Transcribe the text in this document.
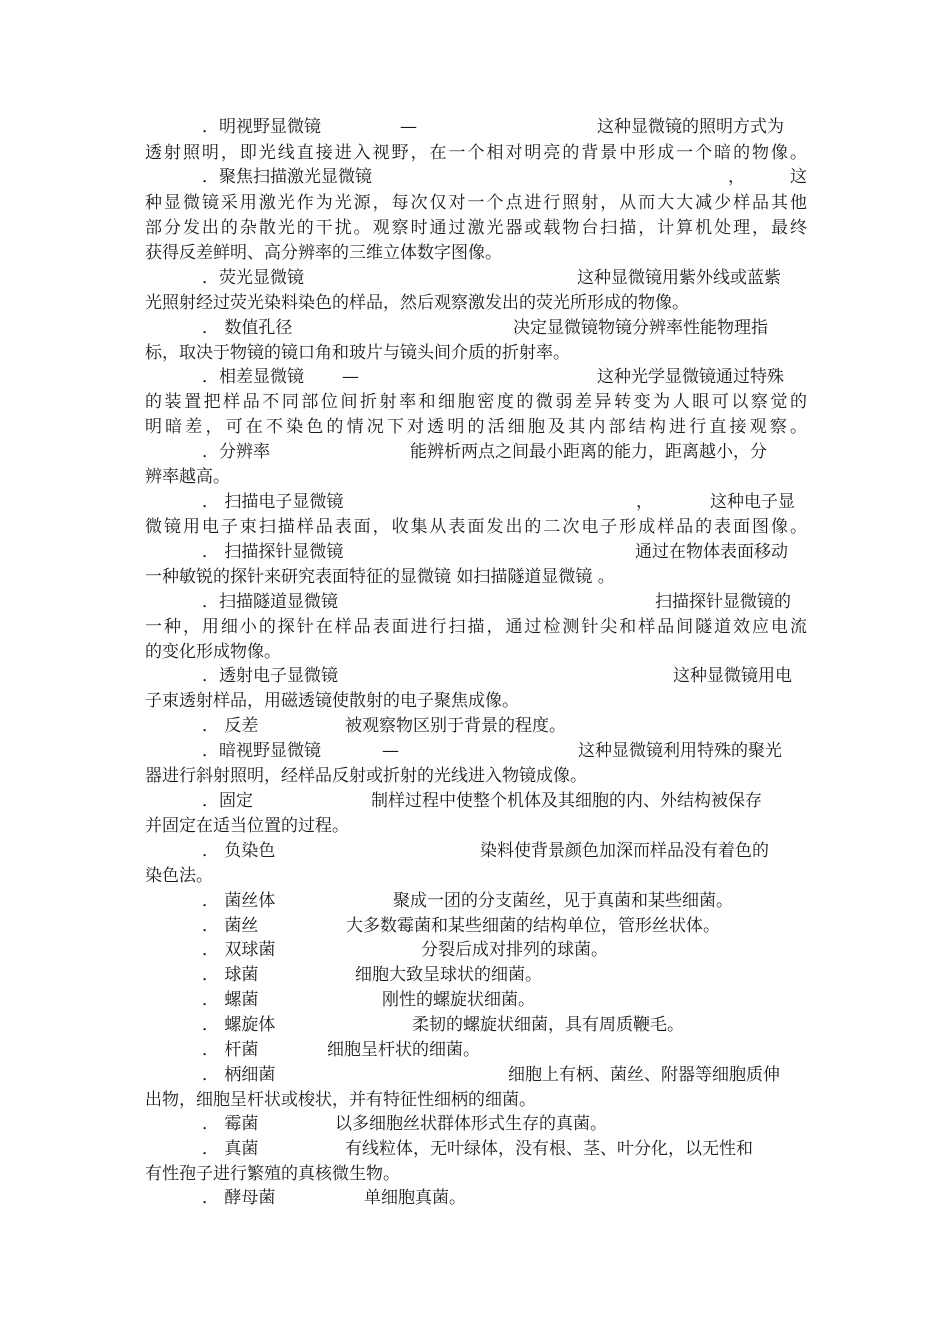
．明视野显微镜	—	这种显微镜的照明方式为
透射照明，即光线直接进入视野，在一个相对明亮的背景中形成一个暗的物像。
．聚焦扫描激光显微镜	，	这
种显微镜采用激光作为光源，每次仅对一个点进行照射，从而大大减少样品其他
部分发出的杂散光的干扰。观察时通过激光器或载物台扫描，计算机处理，最终
获得反差鲜明、高分辨率的三维立体数字图像。
．荧光显微镜	这种显微镜用紫外线或蓝紫
光照射经过荧光染料染色的样品，然后观察激发出的荧光所形成的物像。
． 数值孔径	决定显微镜物镜分辨率性能物理指
标，取决于物镜的镜口角和玻片与镜头间介质的折射率。
．相差显微镜 —	这种光学显微镜通过特殊
的装置把样品不同部位间折射率和细胞密度的微弱差异转变为人眼可以察觉的
明暗差，可在不染色的情况下对透明的活细胞及其内部结构进行直接观察。
．分辨率	能辨析两点之间最小距离的能力，距离越小，分
辨率越高。
． 扫描电子显微镜	，	这种电子显
微镜用电子束扫描样品表面，收集从表面发出的二次电子形成样品的表面图像。
． 扫描探针显微镜	通过在物体表面移动
一种敏锐的探针来研究表面特征的显微镜 如扫描隧道显微镜 。
．扫描隧道显微镜	扫描探针显微镜的
一种，用细小的探针在样品表面进行扫描，通过检测针尖和样品间隧道效应电流
的变化形成物像。
．透射电子显微镜	这种显微镜用电
子束透射样品，用磁透镜使散射的电子聚焦成像。
． 反差	被观察物区别于背景的程度。
．暗视野显微镜	—	这种显微镜利用特殊的聚光
器进行斜射照明，经样品反射或折射的光线进入物镜成像。
．固定	制样过程中使整个机体及其细胞的内、外结构被保存
并固定在适当位置的过程。
． 负染色	染料使背景颜色加深而样品没有着色的
染色法。
． 菌丝体	聚成一团的分支菌丝，见于真菌和某些细菌。
． 菌丝	大多数霉菌和某些细菌的结构单位，管形丝状体。
． 双球菌	分裂后成对排列的球菌。
． 球菌	细胞大致呈球状的细菌。
． 螺菌	刚性的螺旋状细菌。
． 螺旋体	柔韧的螺旋状细菌，具有周质鞭毛。
． 杆菌	细胞呈杆状的细菌。
． 柄细菌	细胞上有柄、菌丝、附器等细胞质伸
出物，细胞呈杆状或梭状，并有特征性细柄的细菌。
． 霉菌	以多细胞丝状群体形式生存的真菌。
． 真菌	有线粒体，无叶绿体，没有根、茎、叶分化，以无性和
有性孢子进行繁殖的真核微生物。
． 酵母菌	单细胞真菌。
